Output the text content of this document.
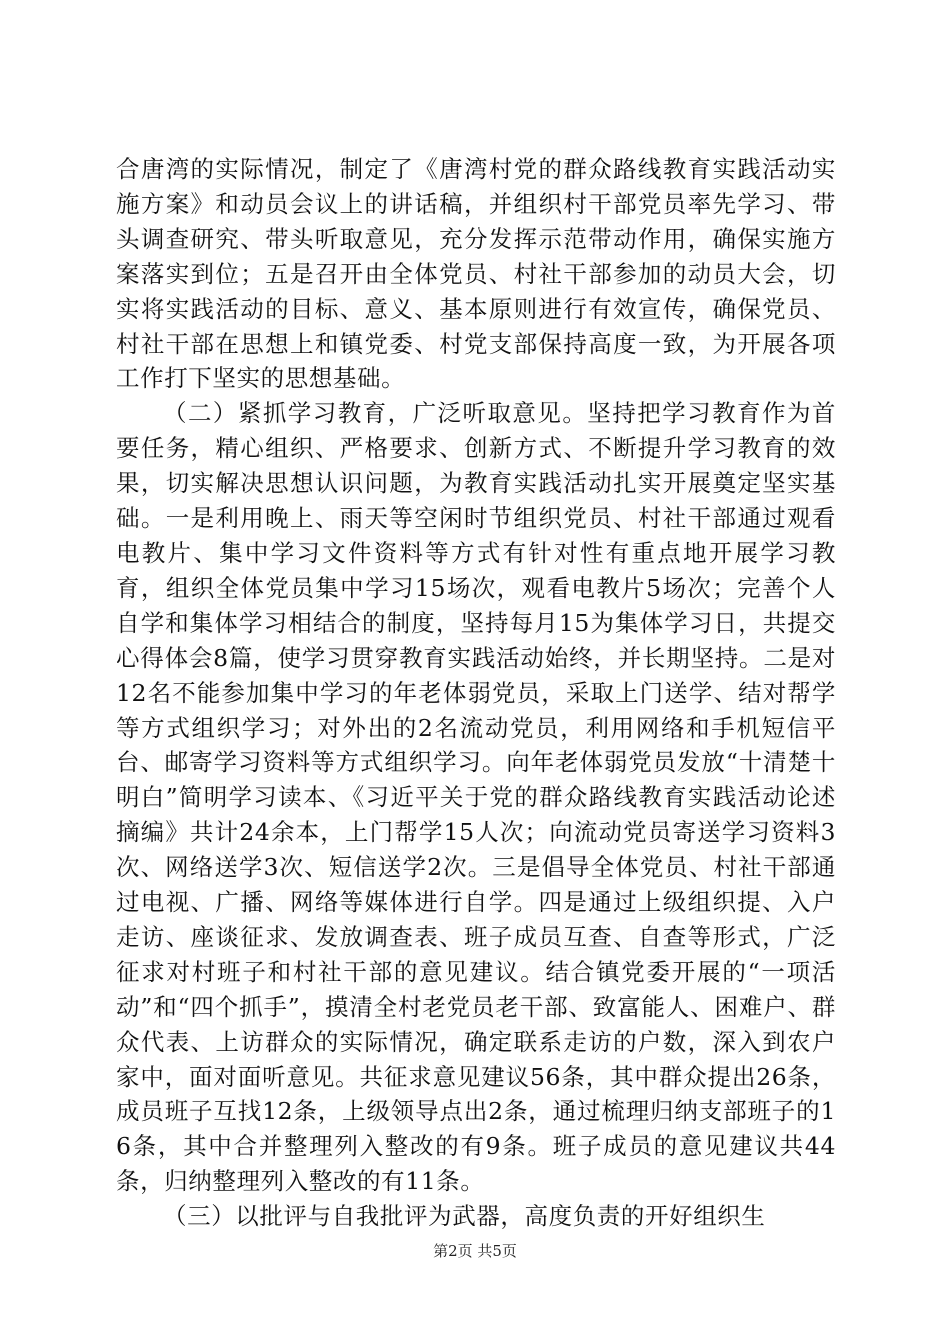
合唐湾的实际情况，制定了《唐湾村党的群众路线教育实践活动实施方案》和动员会议上的讲话稿，并组织村干部党员率先学习、带头调查研究、带头听取意见，充分发挥示范带动作用，确保实施方案落实到位；五是召开由全体党员、村社干部参加的动员大会，切实将实践活动的目标、意义、基本原则进行有效宣传，确保党员、村社干部在思想上和镇党委、村党支部保持高度一致，为开展各项工作打下坚实的思想基础。

（二）紧抓学习教育，广泛听取意见。坚持把学习教育作为首要任务，精心组织、严格要求、创新方式、不断提升学习教育的效果，切实解决思想认识问题，为教育实践活动扎实开展奠定坚实基础。一是利用晚上、雨天等空闲时节组织党员、村社干部通过观看电教片、集中学习文件资料等方式有针对性有重点地开展学习教育，组织全体党员集中学习15场次，观看电教片5场次；完善个人自学和集体学习相结合的制度，坚持每月15为集体学习日，共提交心得体会8篇，使学习贯穿教育实践活动始终，并长期坚持。二是对12名不能参加集中学习的年老体弱党员，采取上门送学、结对帮学等方式组织学习；对外出的2名流动党员，利用网络和手机短信平台、邮寄学习资料等方式组织学习。向年老体弱党员发放“十清楚十明白”简明学习读本、《习近平关于党的群众路线教育实践活动论述摘编》共计24余本，上门帮学15人次；向流动党员寄送学习资料3次、网络送学3次、短信送学2次。三是倡导全体党员、村社干部通过电视、广播、网络等媒体进行自学。四是通过上级组织提、入户走访、座谈征求、发放调查表、班子成员互查、自查等形式，广泛征求对村班子和村社干部的意见建议。结合镇党委开展的“一项活动”和“四个抓手”，摸清全村老党员老干部、致富能人、困难户、群众代表、上访群众的实际情况，确定联系走访的户数，深入到农户家中，面对面听意见。共征求意见建议56条，其中群众提出26条，成员班子互找12条，上级领导点出2条，通过梳理归纳支部班子的16条，其中合并整理列入整改的有9条。班子成员的意见建议共44条，归纳整理列入整改的有11条。

（三）以批评与自我批评为武器，高度负责的开好组织生

第2页 共5页
